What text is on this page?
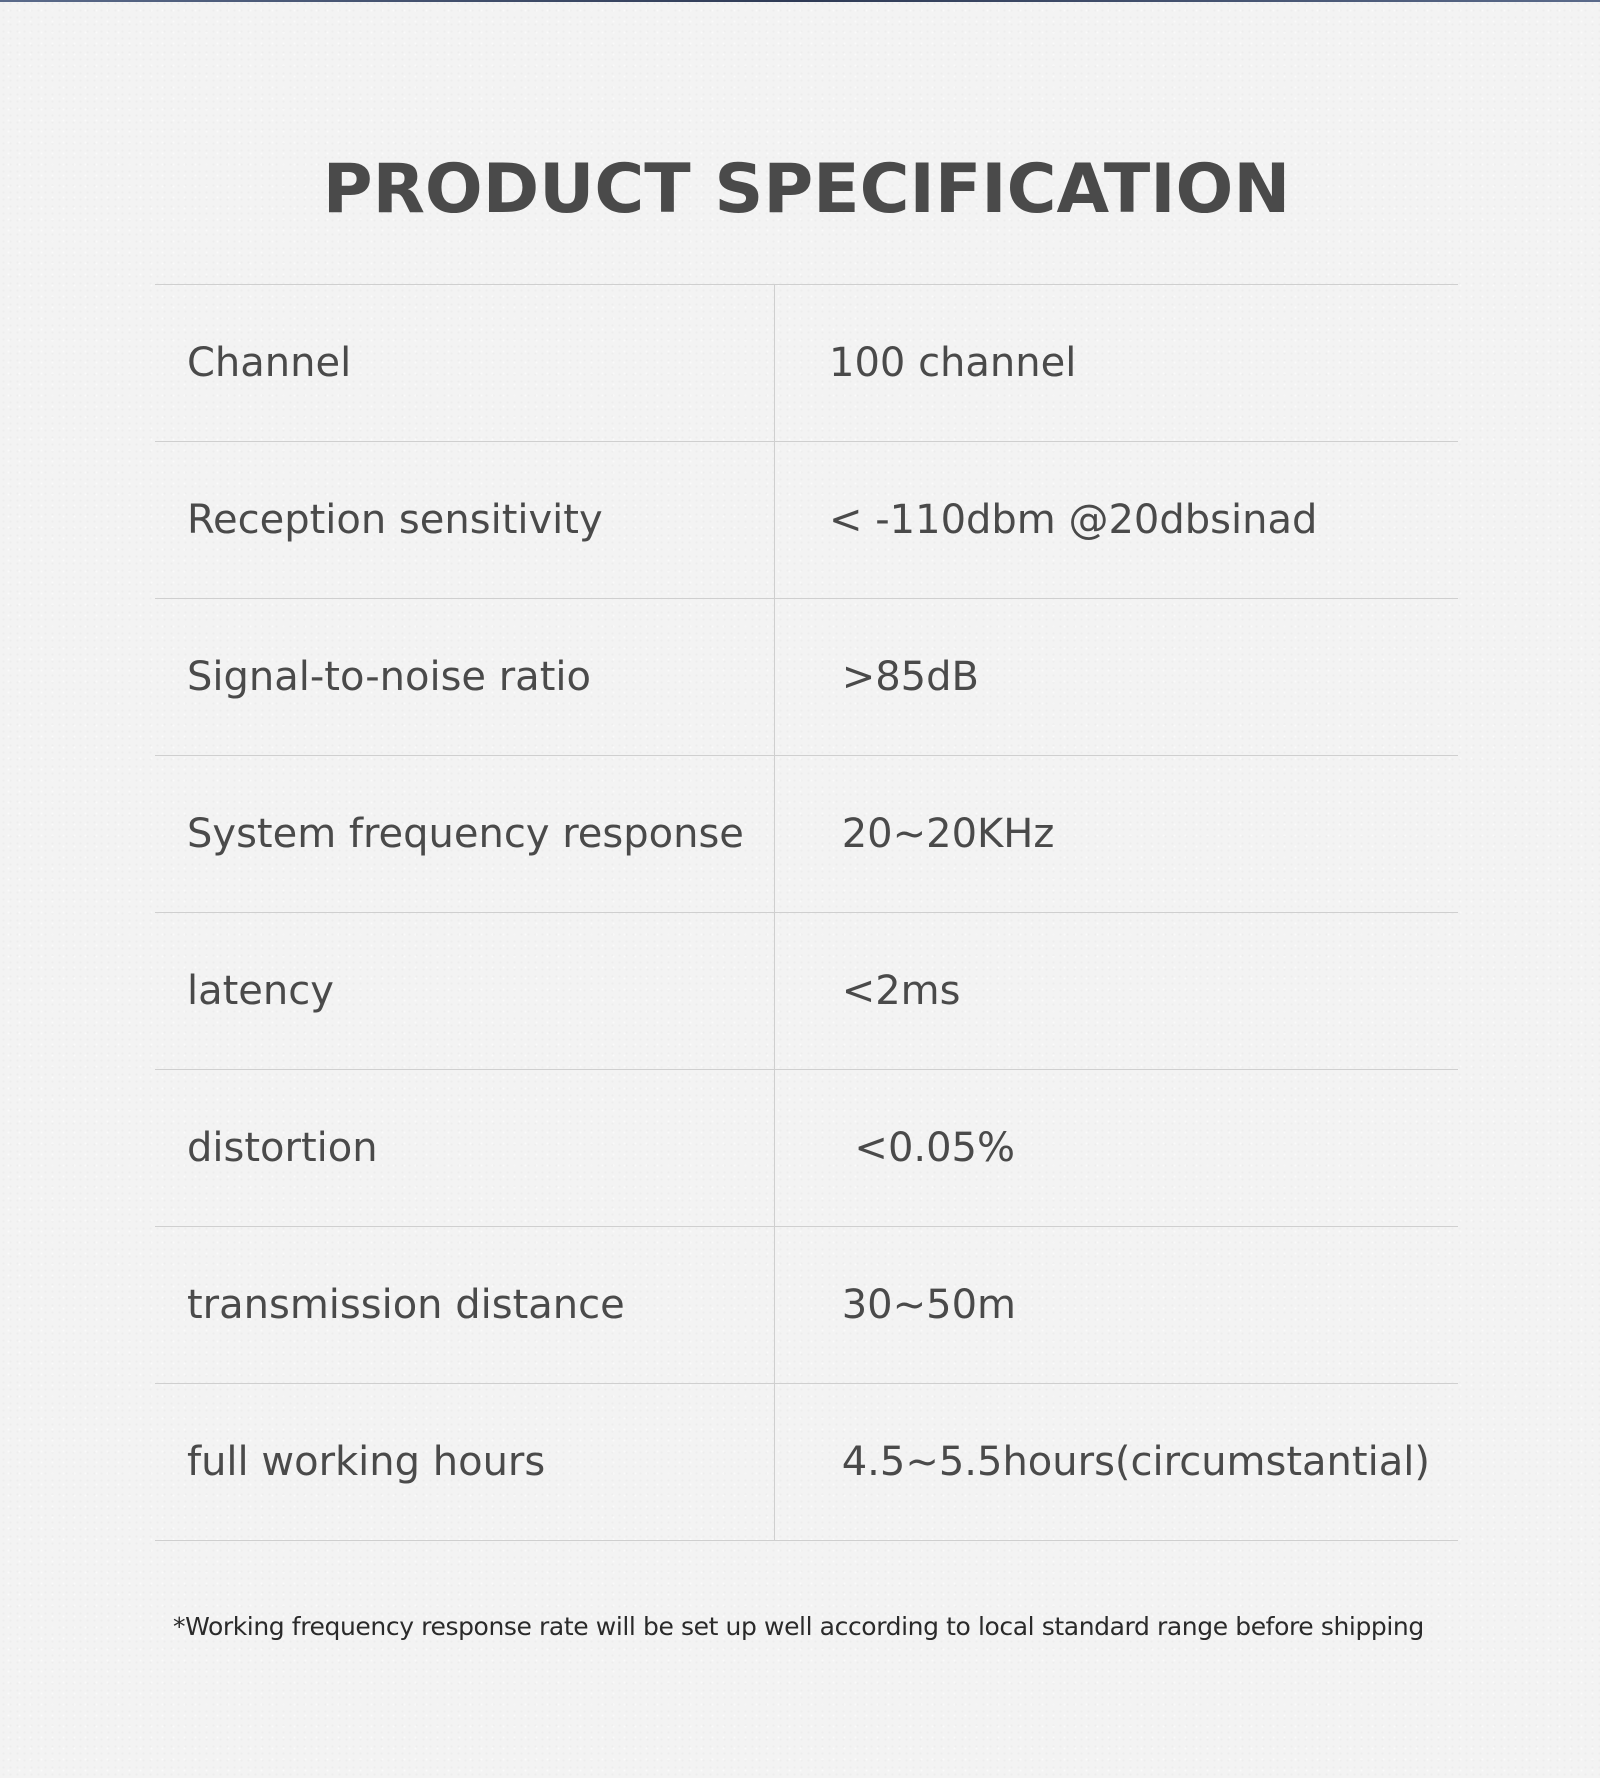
PRODUCT SPECIFICATION
Channel	100 channel
Reception sensitivity	< -110dbm @20dbsinad
Signal-to-noise ratio	>85dB
System frequency response	20~20KHz
latency	<2ms
distortion	<0.05%
transmission distance	30~50m
full working hours	4.5~5.5hours(circumstantial)

*Working frequency response rate will be set up well according to local standard range before shipping
